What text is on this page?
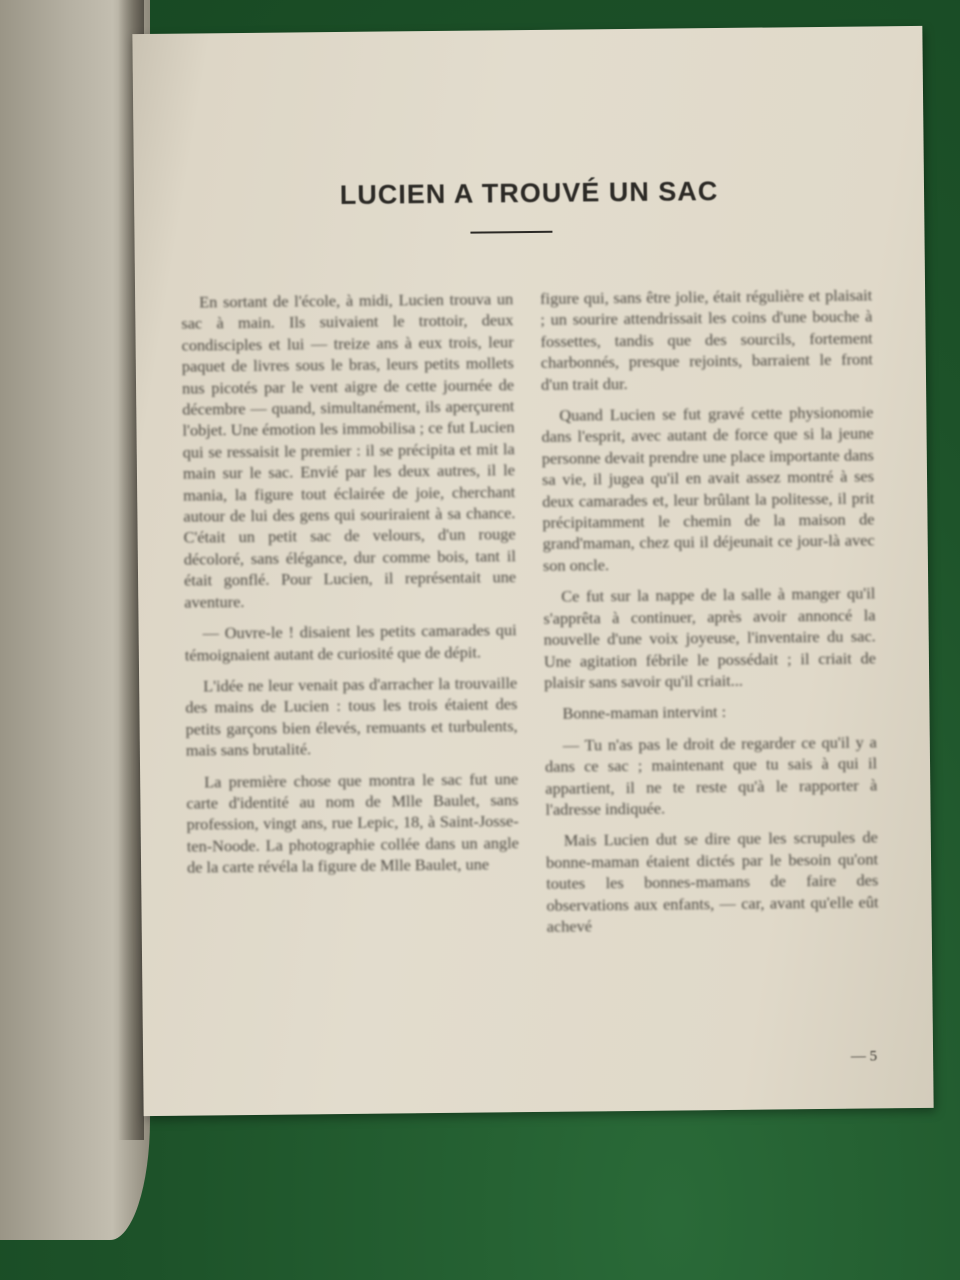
LUCIEN A TROUVÉ UN SAC

En sortant de l'école, à midi, Lucien trouva un sac à main. Ils suivaient le trottoir, deux condisciples et lui — treize ans à eux trois, leur paquet de livres sous le bras, leurs petits mollets nus picotés par le vent aigre de cette journée de décembre — quand, simultanément, ils aperçurent l'objet. Une émotion les immobilisa ; ce fut Lucien qui se ressaisit le premier : il se précipita et mit la main sur le sac. Envié par les deux autres, il le mania, la figure tout éclairée de joie, cherchant autour de lui des gens qui souriraient à sa chance. C'était un petit sac de velours, d'un rouge décoloré, sans élégance, dur comme bois, tant il était gonflé. Pour Lucien, il représentait une aventure.

— Ouvre-le ! disaient les petits camarades qui témoignaient autant de curiosité que de dépit.

L'idée ne leur venait pas d'arracher la trouvaille des mains de Lucien : tous les trois étaient des petits garçons bien élevés, remuants et turbulents, mais sans brutalité.

La première chose que montra le sac fut une carte d'identité au nom de Mlle Baulet, sans profession, vingt ans, rue Lepic, 18, à Saint-Josse-ten-Noode. La photographie collée dans un angle de la carte révéla la figure de Mlle Baulet, une

figure qui, sans être jolie, était régulière et plaisait ; un sourire attendrissait les coins d'une bouche à fossettes, tandis que des sourcils, fortement charbonnés, presque rejoints, barraient le front d'un trait dur.

Quand Lucien se fut gravé cette physionomie dans l'esprit, avec autant de force que si la jeune personne devait prendre une place importante dans sa vie, il jugea qu'il en avait assez montré à ses deux camarades et, leur brûlant la politesse, il prit précipitamment le chemin de la maison de grand'maman, chez qui il déjeunait ce jour-là avec son oncle.

Ce fut sur la nappe de la salle à manger qu'il s'apprêta à continuer, après avoir annoncé la nouvelle d'une voix joyeuse, l'inventaire du sac. Une agitation fébrile le possédait ; il criait de plaisir sans savoir qu'il criait...

Bonne-maman intervint :

— Tu n'as pas le droit de regarder ce qu'il y a dans ce sac ; maintenant que tu sais à qui il appartient, il ne te reste qu'à le rapporter à l'adresse indiquée.

Mais Lucien dut se dire que les scrupules de bonne-maman étaient dictés par le besoin qu'ont toutes les bonnes-mamans de faire des observations aux enfants, — car, avant qu'elle eût achevé

— 5
